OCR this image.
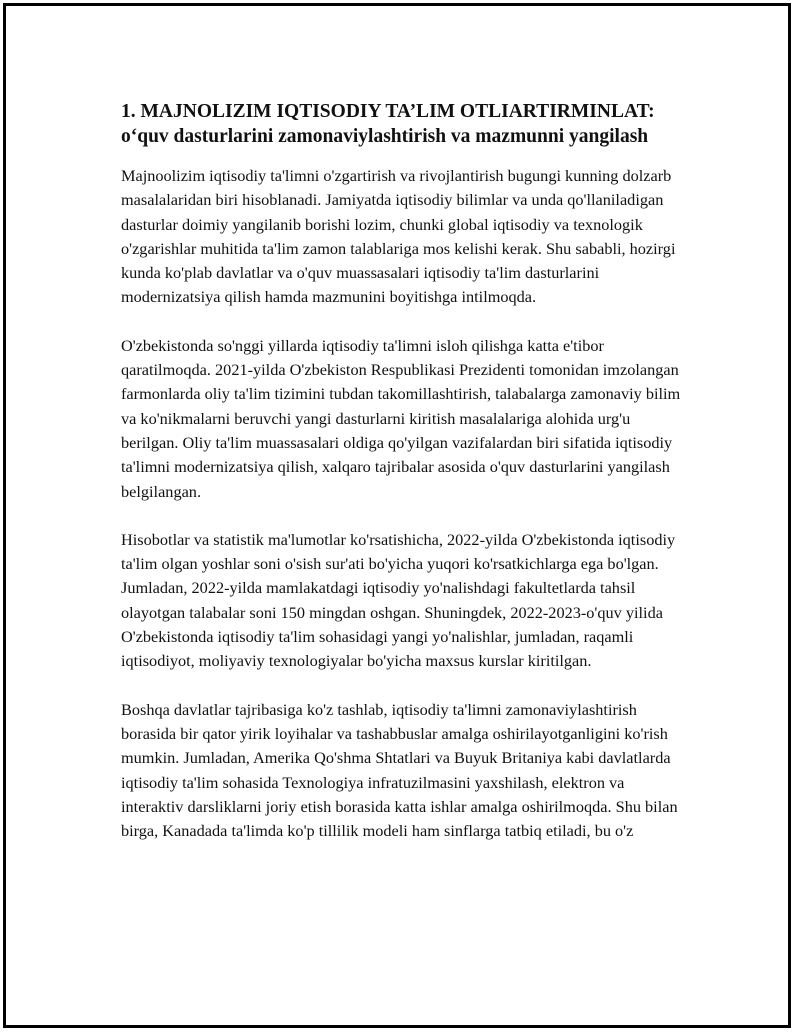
1. MAJNOLIZIM IQTISODIY TA’LIM OTLIARTIRMINLAT: o‘quv dasturlarini zamonaviylashtirish va mazmunni yangilash

Majnoolizim iqtisodiy ta'limni o'zgartirish va rivojlantirish bugungi kunning dolzarb masalalaridan biri hisoblanadi. Jamiyatda iqtisodiy bilimlar va unda qo'llaniladigan dasturlar doimiy yangilanib borishi lozim, chunki global iqtisodiy va texnologik o'zgarishlar muhitida ta'lim zamon talablariga mos kelishi kerak. Shu sababli, hozirgi kunda ko'plab davlatlar va o'quv muassasalari iqtisodiy ta'lim dasturlarini modernizatsiya qilish hamda mazmunini boyitishga intilmoqda.

O'zbekistonda so'nggi yillarda iqtisodiy ta'limni isloh qilishga katta e'tibor qaratilmoqda. 2021-yilda O'zbekiston Respublikasi Prezidenti tomonidan imzolangan farmonlarda oliy ta'lim tizimini tubdan takomillashtirish, talabalarga zamonaviy bilim va ko'nikmalarni beruvchi yangi dasturlarni kiritish masalalariga alohida urg'u berilgan. Oliy ta'lim muassasalari oldiga qo'yilgan vazifalardan biri sifatida iqtisodiy ta'limni modernizatsiya qilish, xalqaro tajribalar asosida o'quv dasturlarini yangilash belgilangan.

Hisobotlar va statistik ma'lumotlar ko'rsatishicha, 2022-yilda O'zbekistonda iqtisodiy ta'lim olgan yoshlar soni o'sish sur'ati bo'yicha yuqori ko'rsatkichlarga ega bo'lgan. Jumladan, 2022-yilda mamlakatdagi iqtisodiy yo'nalishdagi fakultetlarda tahsil olayotgan talabalar soni 150 mingdan oshgan. Shuningdek, 2022-2023-o'quv yilida O'zbekistonda iqtisodiy ta'lim sohasidagi yangi yo'nalishlar, jumladan, raqamli iqtisodiyot, moliyaviy texnologiyalar bo'yicha maxsus kurslar kiritilgan.

Boshqa davlatlar tajribasiga ko'z tashlab, iqtisodiy ta'limni zamonaviylashtirish borasida bir qator yirik loyihalar va tashabbuslar amalga oshirilayotganligini ko'rish mumkin. Jumladan, Amerika Qo'shma Shtatlari va Buyuk Britaniya kabi davlatlarda iqtisodiy ta'lim sohasida Texnologiya infratuzilmasini yaxshilash, elektron va interaktiv darsliklarni joriy etish borasida katta ishlar amalga oshirilmoqda. Shu bilan birga, Kanadada ta'limda ko'p tillilik modeli ham sinflarga tatbiq etiladi, bu o'z
